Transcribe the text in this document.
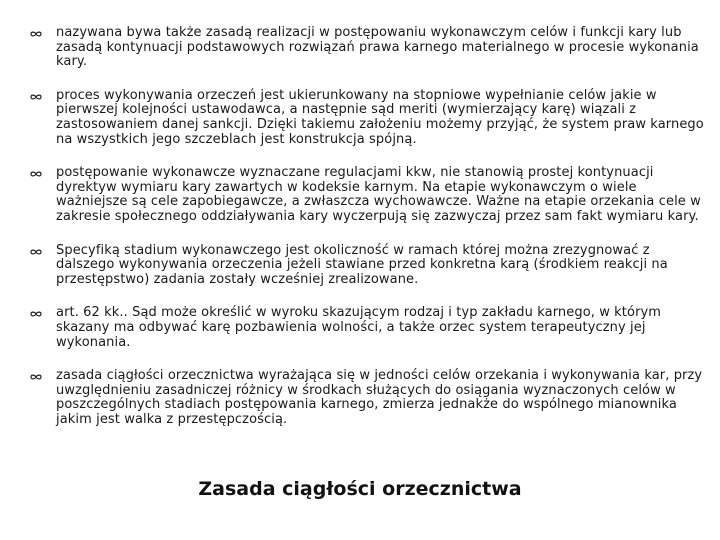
nazywana bywa także zasadą realizacji w postępowaniu wykonawczym celów i funkcji kary lub zasadą kontynuacji podstawowych rozwiązań prawa karnego materialnego w procesie wykonania kary.
proces wykonywania orzeczeń jest ukierunkowany na stopniowe wypełnianie celów jakie w pierwszej kolejności ustawodawca, a następnie sąd meriti (wymierzający karę) wiązali z zastosowaniem danej sankcji. Dzięki takiemu założeniu możemy przyjąć, że system praw karnego na wszystkich jego szczeblach jest konstrukcja spójną.
postępowanie wykonawcze wyznaczane regulacjami kkw, nie stanowią prostej kontynuacji dyrektyw wymiaru kary zawartych w kodeksie karnym. Na etapie wykonawczym o wiele ważniejsze są cele zapobiegawcze, a zwłaszcza wychowawcze. Ważne na etapie orzekania cele w zakresie społecznego oddziaływania kary wyczerpują się zazwyczaj przez sam fakt wymiaru kary.
Specyfiką stadium wykonawczego jest okoliczność w ramach której można zrezygnować z dalszego wykonywania orzeczenia jeżeli stawiane przed konkretna karą (środkiem reakcji na przestępstwo) zadania zostały wcześniej zrealizowane.
art. 62 kk.. Sąd może określić w wyroku skazującym rodzaj i typ zakładu karnego, w którym skazany ma odbywać karę pozbawienia wolności, a także orzec system terapeutyczny jej wykonania.
zasada ciągłości orzecznictwa wyrażająca się w jedności celów orzekania i wykonywania kar, przy uwzględnieniu zasadniczej różnicy w środkach służących do osiągania wyznaczonych celów w poszczególnych stadiach postępowania karnego, zmierza jednakże do wspólnego mianownika jakim jest walka z przestępczością.
Zasada ciągłości orzecznictwa
